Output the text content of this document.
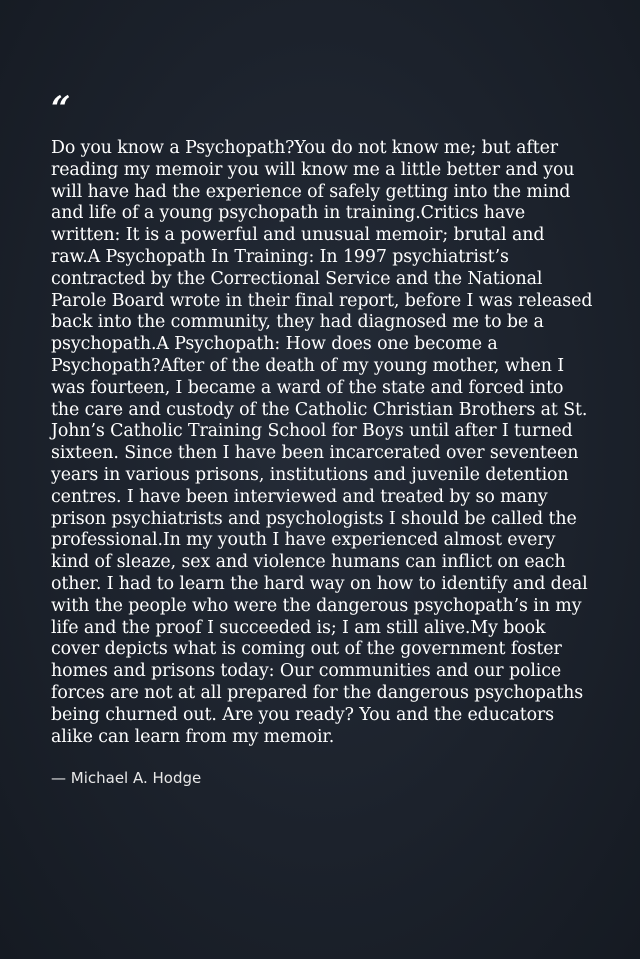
“

Do you know a Psychopath?You do not know me; but after reading my memoir you will know me a little better and you will have had the experience of safely getting into the mind and life of a young psychopath in training.Critics have written: It is a powerful and unusual memoir; brutal and raw.A Psychopath In Training: In 1997 psychiatrist’s contracted by the Correctional Service and the National Parole Board wrote in their final report, before I was released back into the community, they had diagnosed me to be a psychopath.A Psychopath: How does one become a Psychopath?After of the death of my young mother, when I was fourteen, I became a ward of the state and forced into the care and custody of the Catholic Christian Brothers at St. John’s Catholic Training School for Boys until after I turned sixteen. Since then I have been incarcerated over seventeen years in various prisons, institutions and juvenile detention centres. I have been interviewed and treated by so many prison psychiatrists and psychologists I should be called the professional.In my youth I have experienced almost every kind of sleaze, sex and violence humans can inflict on each other. I had to learn the hard way on how to identify and deal with the people who were the dangerous psychopath’s in my life and the proof I succeeded is; I am still alive.My book cover depicts what is coming out of the government foster homes and prisons today: Our communities and our police forces are not at all prepared for the dangerous psychopaths being churned out. Are you ready? You and the educators alike can learn from my memoir.

— Michael A. Hodge
